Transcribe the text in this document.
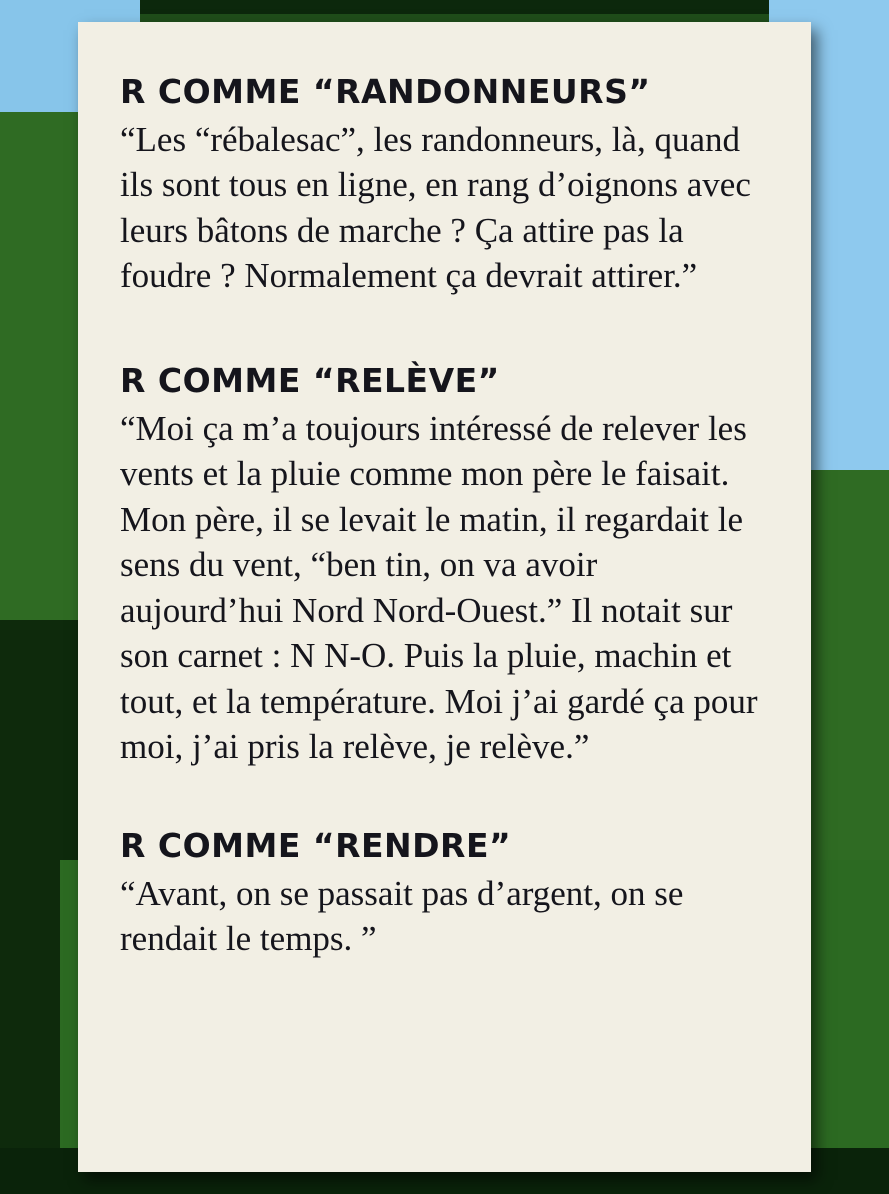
R COMME “RANDONNEURS”

“Les “rébalesac”, les randonneurs, là, quand ils sont tous en ligne, en rang d’oignons avec leurs bâtons de marche ? Ça attire pas la foudre ? Normalement ça devrait attirer.”

R COMME “RELÈVE”

“Moi ça m’a toujours intéressé de relever les vents et la pluie comme mon père le faisait. Mon père, il se levait le matin, il regardait le sens du vent, “ben tin, on va avoir aujourd’hui Nord Nord-Ouest.” Il notait sur son carnet : N N-O. Puis la pluie, machin et tout, et la température. Moi j’ai gardé ça pour moi, j’ai pris la relève, je relève.”

R COMME “RENDRE”

“Avant, on se passait pas d’argent, on se rendait le temps. ”
